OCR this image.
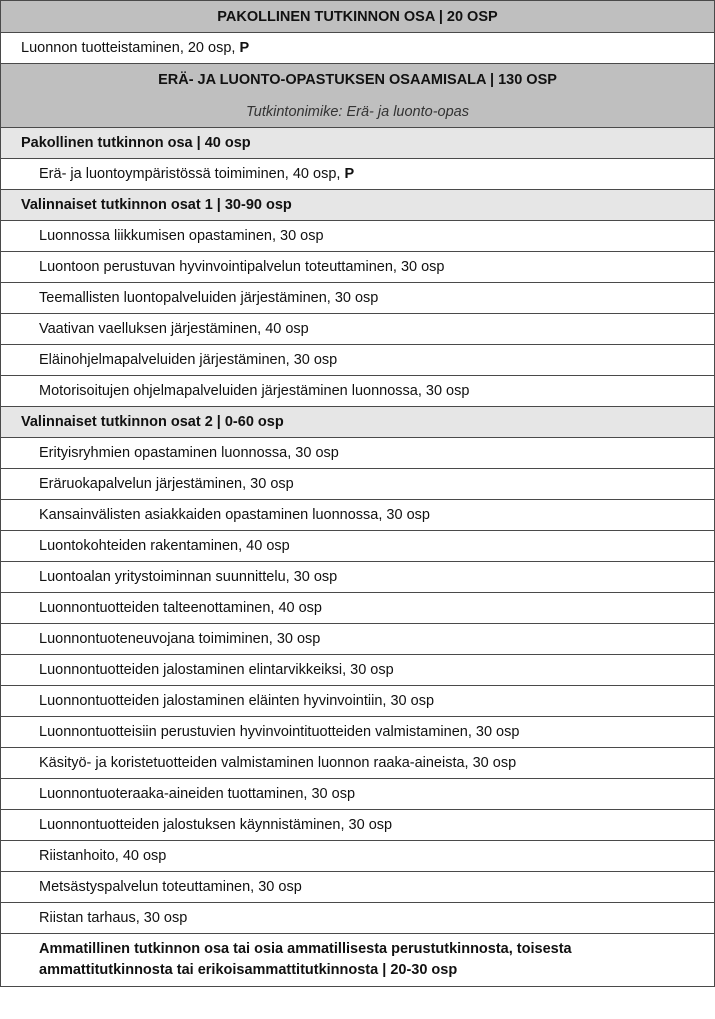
PAKOLLINEN TUTKINNON OSA | 20 OSP
Luonnon tuotteistaminen, 20 osp, P
ERÄ- JA LUONTO-OPASTUKSEN OSAAMISALA | 130 OSP
Tutkintonimike: Erä- ja luonto-opas
Pakollinen tutkinnon osa | 40 osp
Erä- ja luontoympäristössä toimiminen, 40 osp, P
Valinnaiset tutkinnon osat 1 | 30-90 osp
Luonnossa liikkumisen opastaminen, 30 osp
Luontoon perustuvan hyvinvointipalvelun toteuttaminen, 30 osp
Teemallisten luontopalveluiden järjestäminen, 30 osp
Vaativan vaelluksen järjestäminen, 40 osp
Eläinohjelmapalveluiden järjestäminen, 30 osp
Motorisoitujen ohjelmapalveluiden järjestäminen luonnossa, 30 osp
Valinnaiset tutkinnon osat 2 | 0-60 osp
Erityisryhmien opastaminen luonnossa, 30 osp
Eräruokapalvelun järjestäminen, 30 osp
Kansainvälisten asiakkaiden opastaminen luonnossa, 30 osp
Luontokohteiden rakentaminen, 40 osp
Luontoalan yritystoiminnan suunnittelu, 30 osp
Luonnontuotteiden talteenottaminen, 40 osp
Luonnontuoteneuvojana toimiminen, 30 osp
Luonnontuotteiden jalostaminen elintarvikkeiksi, 30 osp
Luonnontuotteiden jalostaminen eläinten hyvinvointiin, 30 osp
Luonnontuotteisiin perustuvien hyvinvointituotteiden valmistaminen, 30 osp
Käsityö- ja koristetuotteiden valmistaminen luonnon raaka-aineista, 30 osp
Luonnontuoteraaka-aineiden tuottaminen, 30 osp
Luonnontuotteiden jalostuksen käynnistäminen, 30 osp
Riistanhoito, 40 osp
Metsästyspalvelun toteuttaminen, 30 osp
Riistan tarhaus, 30 osp
Ammatillinen tutkinnon osa tai osia ammatillisesta perustutkinnosta, toisesta ammattitutkinnosta tai erikoisammattitutkinnosta | 20-30 osp
